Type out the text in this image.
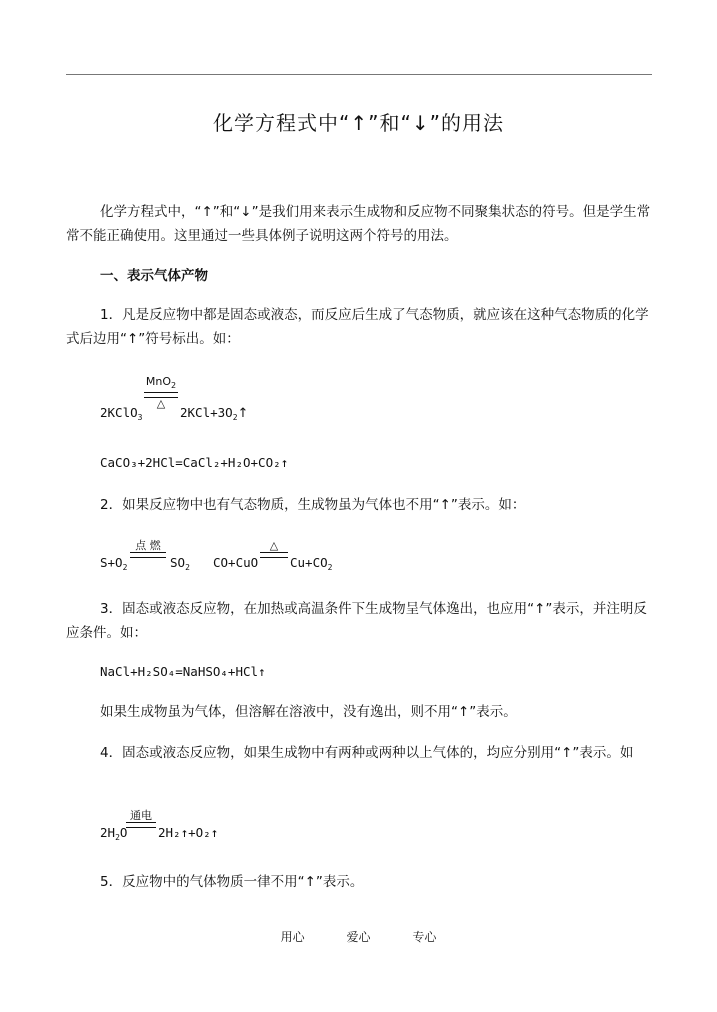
化学方程式中“↑”和“↓”的用法
化学方程式中，“↑”和“↓”是我们用来表示生成物和反应物不同聚集状态的符号。但是学生常常不能正确使用。这里通过一些具体例子说明这两个符号的用法。
一、表示气体产物
1．凡是反应物中都是固态或液态，而反应后生成了气态物质，就应该在这种气态物质的化学式后边用“↑”符号标出。如：
2KClO$_3$
MnO$_2$
△
$2KCl+3O_2↑$
CaCO₃+2HCl=CaCl₂+H₂O+CO₂↑
2．如果反应物中也有气态物质，生成物虽为气体也不用“↑”表示。如：
$S+O_2$
点 燃
$SO_2$ CO+CuO
△
$Cu+CO_2$
3．固态或液态反应物，在加热或高温条件下生成物呈气体逸出，也应用“↑”表示，并注明反应条件。如：
NaCl+H₂SO₄=NaHSO₄+HCl↑
如果生成物虽为气体，但溶解在溶液中，没有逸出，则不用“↑”表示。
4．固态或液态反应物，如果生成物中有两种或两种以上气体的，均应分别用“↑”表示。如
$2H_2O$
通电
2H₂↑+O₂↑
5．反应物中的气体物质一律不用“↑”表示。
用心	爱心	专心
